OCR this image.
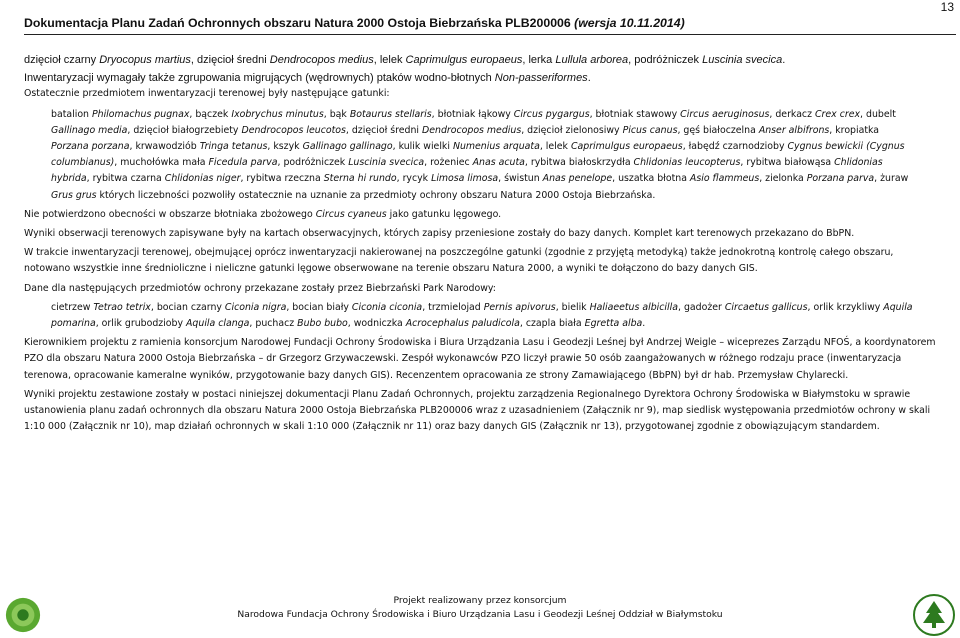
Dokumentacja Planu Zadań Ochronnych obszaru Natura 2000 Ostoja Biebrzańska PLB200006 (wersja 10.11.2014)
13

dzięcioł czarny Dryocopus martius, dzięcioł średni Dendrocopos medius, lelek Caprimulgus europaeus, lerka Lullula arborea, podróżniczek Luscinia svecica.

Inwentaryzacji wymagały także zgrupowania migrujących (wędrownych) ptaków wodno-błotnych Non-passeriformes.

Ostatecznie przedmiotem inwentaryzacji terenowej były następujące gatunki:

batalion Philomachus pugnax, bączek Ixobrychus minutus, bąk Botaurus stellaris, błotniak łąkowy Circus pygargus, błotniak stawowy Circus aeruginosus, derkacz Crex crex, dubelt
Gallinago media, dzięcioł białogrzebiety Dendrocopos leucotos, dzięcioł średni Dendrocopos medius, dzięcioł zielonosiwy Picus canus, gęś białoczelna Anser albifrons, kropiatka
Porzana porzana, krwawodziób Tringa tetanus, kszyk Gallinago gallinago, kulik wielki Numenius arquata, lelek Caprimulgus europaeus, łabędź czarnodzioby Cygnus bewickii (Cygnus
columbianus), muchołówka mała Ficedula parva, podróżniczek Luscinia svecica, rożeniec Anas acuta, rybitwa białoskrzydła Chlidonias leucopterus, rybitwa białowąsa Chlidonias
hybrida, rybitwa czarna Chlidonias niger, rybitwa rzeczna Sterna hi rundo, rycyk Limosa limosa, świstun Anas penelope, uszatka błotna Asio flammeus, zielonka Porzana parva, żuraw
Grus grus których liczebności pozwoliły ostatecznie na uznanie za przedmioty ochrony obszaru Natura 2000 Ostoja Biebrzańska.

Nie potwierdzono obecności w obszarze błotniaka zbożowego Circus cyaneus jako gatunku lęgowego.

Wyniki obserwacji terenowych zapisywane były na kartach obserwacyjnych, których zapisy przeniesione zostały do bazy danych. Komplet kart terenowych przekazano do BbPN.

W trakcie inwentaryzacji terenowej, obejmującej oprócz inwentaryzacji nakierowanej na poszczególne gatunki (zgodnie z przyjętą metodyką) także jednokrotną kontrolę całego obszaru, notowano wszystkie inne średnioliczne i nieliczne gatunki lęgowe obserwowane na terenie obszaru Natura 2000, a wyniki te dołączono do bazy danych GIS.

Dane dla następujących przedmiotów ochrony przekazane zostały przez Biebrzański Park Narodowy:

cietrzew Tetrao tetrix, bocian czarny Ciconia nigra, bocian biały Ciconia ciconia, trzmielojad Pernis apivorus, bielik Haliaeetus albicilla, gadożer Circaetus gallicus, orlik krzykliwy Aquila
pomarina, orlik grubodzioby Aquila clanga, puchacz Bubo bubo, wodniczka Acrocephalus paludicola, czapla biała Egretta alba.

Kierownikiem projektu z ramienia konsorcjum Narodowej Fundacji Ochrony Środowiska i Biura Urządzania Lasu i Geodezji Leśnej był Andrzej Weigle – wiceprezes Zarządu NFOŚ, a koordynatorem PZO dla obszaru Natura 2000 Ostoja Biebrzańska – dr Grzegorz Grzywaczewski. Zespół wykonawców PZO liczył prawie 50 osób zaangażowanych w różnego rodzaju prace (inwentaryzacja terenowa, opracowanie kameralne wyników, przygotowanie bazy danych GIS). Recenzentem opracowania ze strony Zamawiającego (BbPN) był dr hab. Przemysław Chylarecki.

Wyniki projektu zestawione zostały w postaci niniejszej dokumentacji Planu Zadań Ochronnych, projektu zarządzenia Regionalnego Dyrektora Ochrony Środowiska w Białymstoku w sprawie ustanowienia planu zadań ochronnych dla obszaru Natura 2000 Ostoja Biebrzańska PLB200006 wraz z uzasadnieniem (Załącznik nr 9), map siedlisk występowania przedmiotów ochrony w skali 1:10 000 (Załącznik nr 10), map działań ochronnych w skali 1:10 000 (Załącznik nr 11) oraz bazy danych GIS (Załącznik nr 13), przygotowanej zgodnie z obowiązującym standardem.

Projekt realizowany przez konsorcjum
Narodowa Fundacja Ochrony Środowiska i Biuro Urządzania Lasu i Geodezji Leśnej Oddział w Białymstoku
